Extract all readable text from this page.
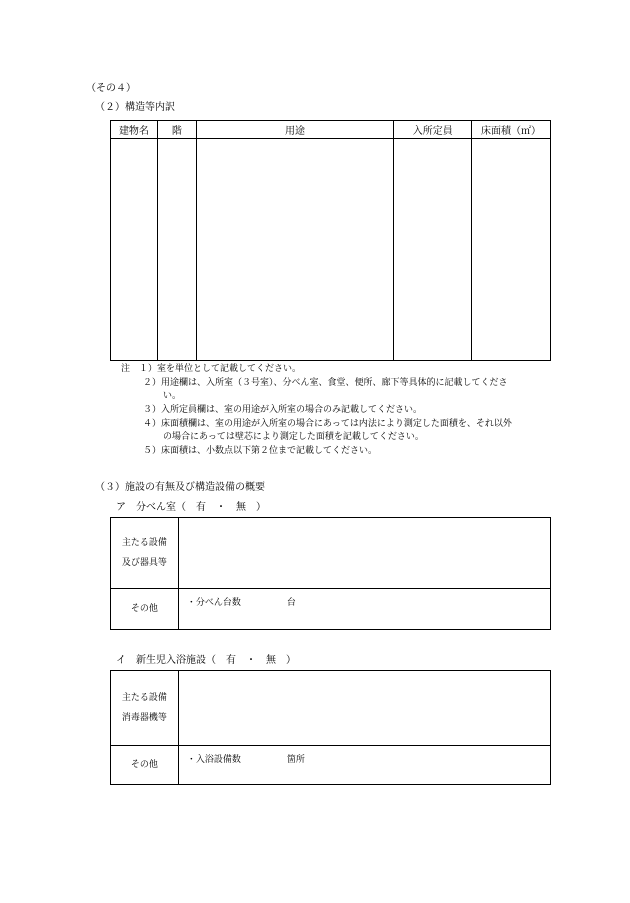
（その４）
（２）構造等内訳
建物名	階	用途	入所定員	床面積（㎡）

注　１）室を単位として記載してください。
２）用途欄は、入所室（３号室）、分べん室、食堂、便所、廊下等具体的に記載してくださ
い。
３）入所定員欄は、室の用途が入所室の場合のみ記載してください。
４）床面積欄は、室の用途が入所室の場合にあっては内法により測定した面積を、それ以外
の場合にあっては壁芯により測定した面積を記載してください。
５）床面積は、小数点以下第２位まで記載してください。
（３）施設の有無及び構造設備の概要
ア　分べん室（　有　・　無　）
主たる設備
及び器具等	

その他	・分べん台数 台
イ　新生児入浴施設（　有　・　無　）
主たる設備
消毒器機等	

その他	・入浴設備数 箇所
